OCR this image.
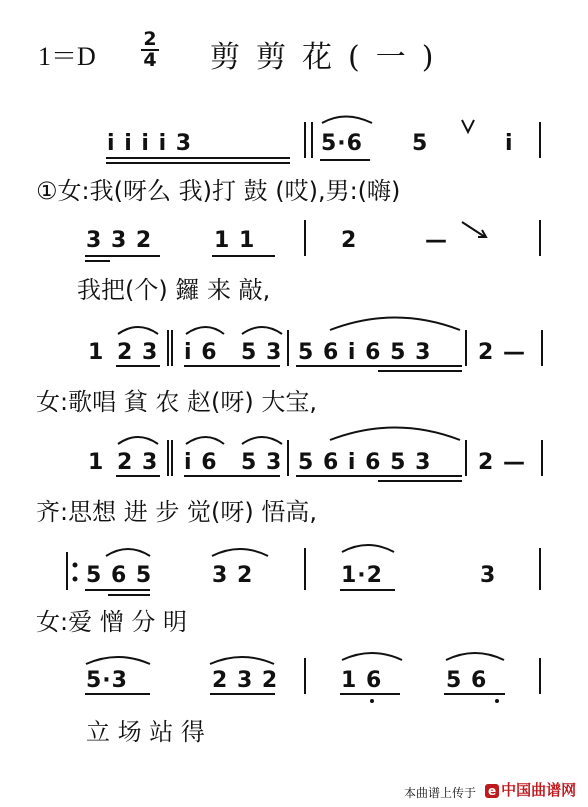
1＝D
2
4 剪剪花(一)
i i i i 3	5·6 5	i
①女:我(呀么 我)打 鼓 (哎),男:(嗨)
3 3 2	1 1	2	—
我把(个) 鑼 来 敲,
1 2 3 i 6 5 3 5 6 i 6 5 3 2 —
女:歌唱 貧 农 赵(呀) 大宝,
1 2 3 i 6 5 3 5 6 i 6 5 3 2 —
齐:思想 进 步 觉(呀) 悟高,
5 6 5	3 2	1·2	3
女:爱 憎 分 明
5·3	2 3 2	1 6	5 6
立 场 站 得
本曲谱上传于 e 中国曲谱网
